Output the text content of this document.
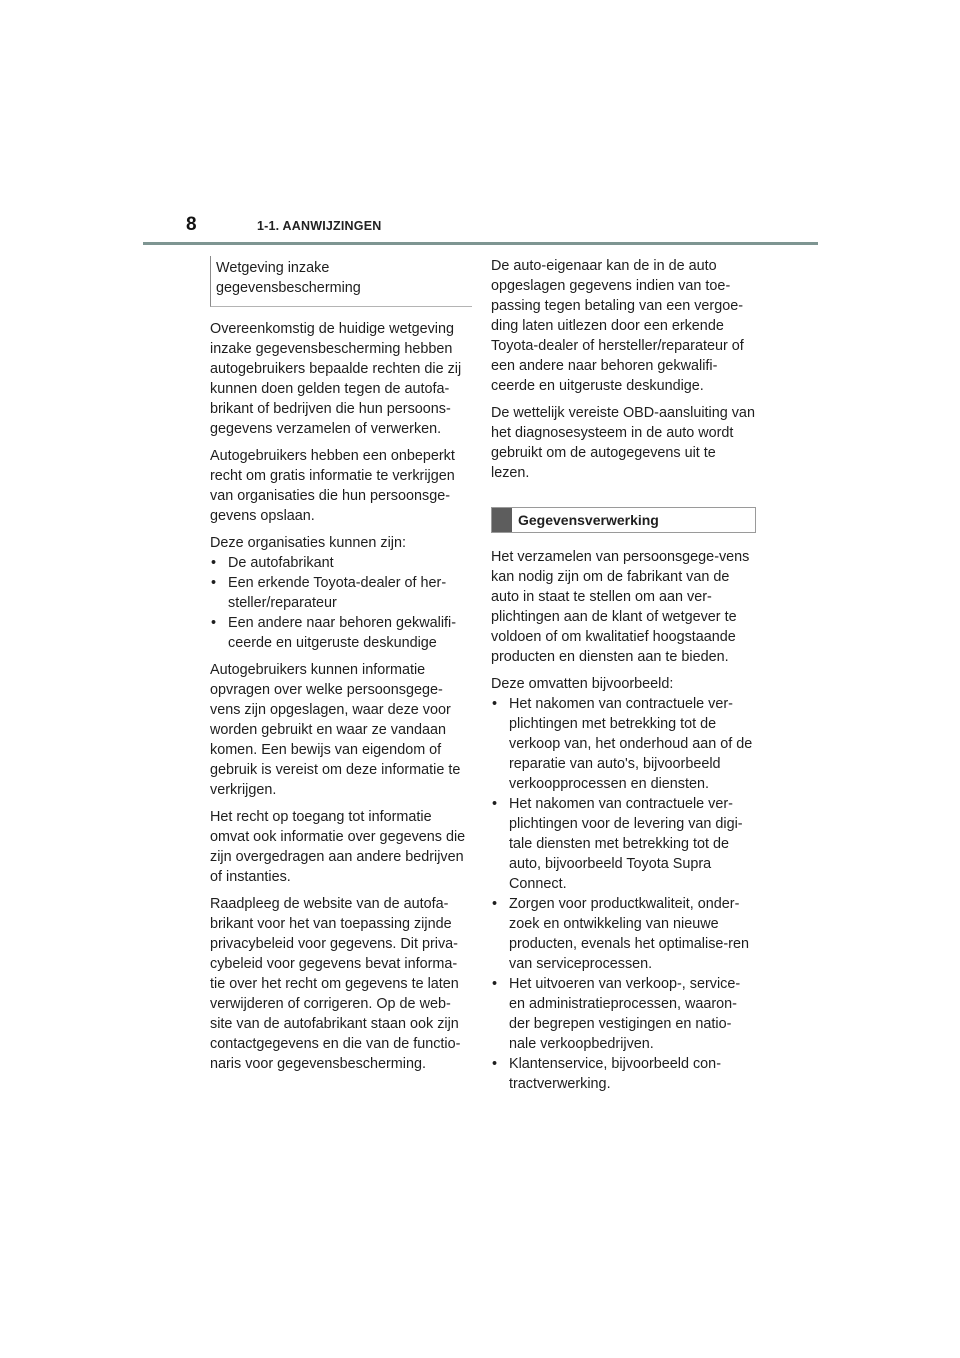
8	1-1. AANWIJZINGEN
Wetgeving inzake gegevensbescherming

Overeenkomstig de huidige wetgeving inzake gegevensbescherming hebben autogebruikers bepaalde rechten die zij kunnen doen gelden tegen de autofa-brikant of bedrijven die hun persoons-gegevens verzamelen of verwerken.

Autogebruikers hebben een onbeperkt recht om gratis informatie te verkrijgen van organisaties die hun persoonsge-gevens opslaan.

Deze organisaties kunnen zijn:

• De autofabrikant
• Een erkende Toyota-dealer of her-steller/reparateur
• Een andere naar behoren gekwalifi-ceerde en uitgeruste deskundige

Autogebruikers kunnen informatie opvragen over welke persoonsgege-vens zijn opgeslagen, waar deze voor worden gebruikt en waar ze vandaan komen. Een bewijs van eigendom of gebruik is vereist om deze informatie te verkrijgen.

Het recht op toegang tot informatie omvat ook informatie over gegevens die zijn overgedragen aan andere bedrijven of instanties.

Raadpleeg de website van de autofa-brikant voor het van toepassing zijnde privacybeleid voor gegevens. Dit priva-cybeleid voor gegevens bevat informa-tie over het recht om gegevens te laten verwijderen of corrigeren. Op de web-site van de autofabrikant staan ook zijn contactgegevens en die van de functio-naris voor gegevensbescherming.

De auto-eigenaar kan de in de auto opgeslagen gegevens indien van toe-passing tegen betaling van een vergoe-ding laten uitlezen door een erkende Toyota-dealer of hersteller/reparateur of een andere naar behoren gekwalifi-ceerde en uitgeruste deskundige.

De wettelijk vereiste OBD-aansluiting van het diagnosesysteem in de auto wordt gebruikt om de autogegevens uit te lezen.

Gegevensverwerking

Het verzamelen van persoonsgege-vens kan nodig zijn om de fabrikant van de auto in staat te stellen om aan ver-plichtingen aan de klant of wetgever te voldoen of om kwalitatief hoogstaande producten en diensten aan te bieden.

Deze omvatten bijvoorbeeld:

• Het nakomen van contractuele ver-plichtingen met betrekking tot de verkoop van, het onderhoud aan of de reparatie van auto's, bijvoorbeeld verkoopprocessen en diensten.
• Het nakomen van contractuele ver-plichtingen voor de levering van digi-tale diensten met betrekking tot de auto, bijvoorbeeld Toyota Supra Connect.
• Zorgen voor productkwaliteit, onder-zoek en ontwikkeling van nieuwe producten, evenals het optimalise-ren van serviceprocessen.
• Het uitvoeren van verkoop-, service- en administratieprocessen, waaron-der begrepen vestigingen en natio-nale verkoopbedrijven.
• Klantenservice, bijvoorbeeld con-tractverwerking.
